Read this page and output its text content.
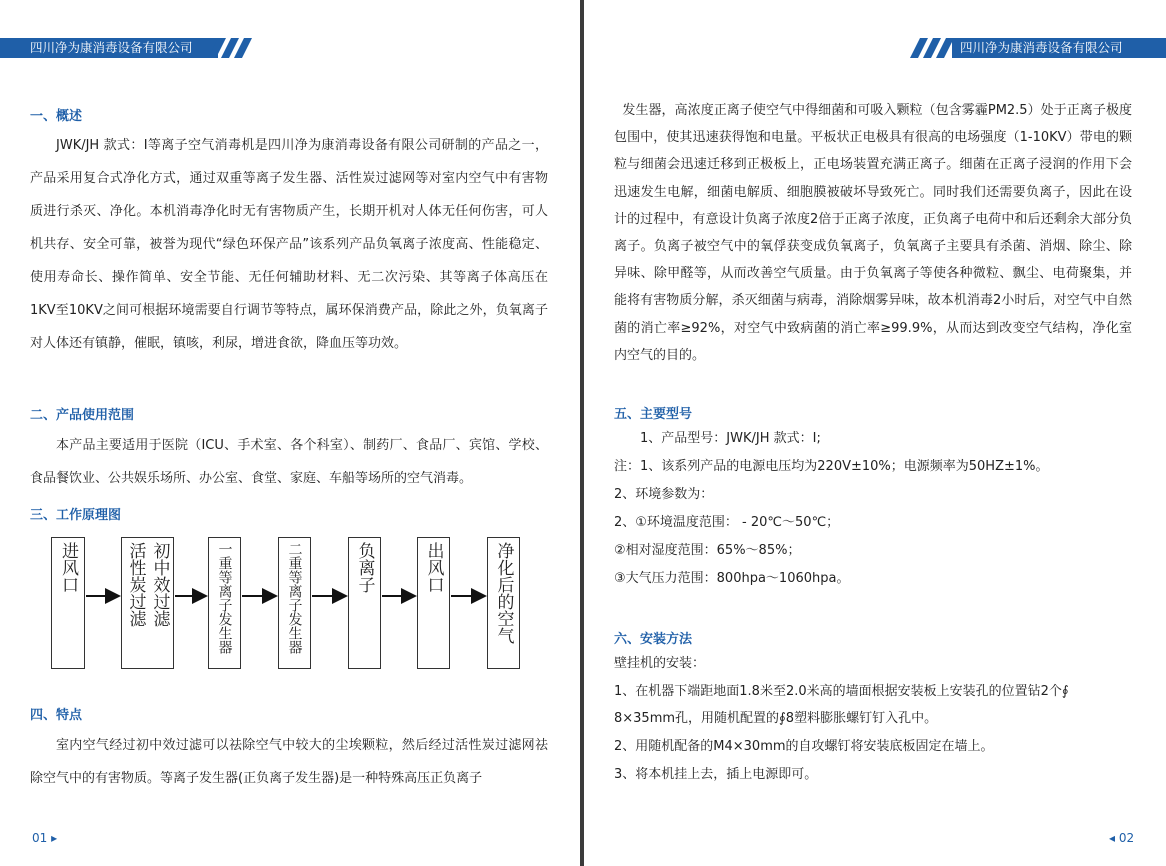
四川净为康消毒设备有限公司
一、概述
JWK/JH 款式：I等离子空气消毒机是四川净为康消毒设备有限公司研制的产品之一，产品采用复合式净化方式，通过双重等离子发生器、活性炭过滤网等对室内空气中有害物质进行杀灭、净化。本机消毒净化时无有害物质产生，长期开机对人体无任何伤害，可人机共存、安全可靠，被誉为现代“绿色环保产品”该系列产品负氧离子浓度高、性能稳定、使用寿命长、操作简单、安全节能、无任何辅助材料、无二次污染、其等离子体高压在1KV至10KV之间可根据环境需要自行调节等特点，属环保消费产品，除此之外，负氧离子对人体还有镇静，催眠，镇咳，利尿，增进食欲，降血压等功效。
二、产品使用范围
本产品主要适用于医院（ICU、手术室、各个科室）、制药厂、食品厂、宾馆、学校、食品餐饮业、公共娱乐场所、办公室、食堂、家庭、车船等场所的空气消毒。
三、工作原理图
进风口	活性炭过滤 初中效过滤	一重等离子发生器	二重等离子发生器	负离子	出风口	净化后的空气
四、特点
室内空气经过初中效过滤可以祛除空气中较大的尘埃颗粒，然后经过活性炭过滤网祛除空气中的有害物质。等离子发生器(正负离子发生器)是一种特殊高压正负离子
01 ▸
四川净为康消毒设备有限公司
发生器，高浓度正离子使空气中得细菌和可吸入颗粒（包含雾霾PM2.5）处于正离子极度包围中，使其迅速获得饱和电量。平板状正电极具有很高的电场强度（1-10KV）带电的颗粒与细菌会迅速迁移到正极板上，正电场装置充满正离子。细菌在正离子浸润的作用下会迅速发生电解，细菌电解质、细胞膜被破坏导致死亡。同时我们还需要负离子，因此在设计的过程中，有意设计负离子浓度2倍于正离子浓度，正负离子电荷中和后还剩余大部分负离子。负离子被空气中的氧俘获变成负氧离子，负氧离子主要具有杀菌、消烟、除尘、除异味、除甲醛等，从而改善空气质量。由于负氧离子等使各种微粒、飘尘、电荷聚集，并能将有害物质分解，杀灭细菌与病毒，消除烟雾异味，故本机消毒2小时后，对空气中自然菌的消亡率≥92%，对空气中致病菌的消亡率≥99.9%，从而达到改变空气结构，净化室内空气的目的。
五、主要型号
1、产品型号：JWK/JH 款式：I;
注：1、该系列产品的电源电压均为220V±10%；电源频率为50HZ±1%。
2、环境参数为：
2、①环境温度范围： - 20℃～50℃；
②相对湿度范围：65%～85%；
③大气压力范围：800hpa～1060hpa。
六、安装方法
壁挂机的安装：
1、在机器下端距地面1.8米至2.0米高的墙面根据安装板上安装孔的位置钻2个∮
8×35mm孔，用随机配置的∮8塑料膨胀螺钉钉入孔中。
2、用随机配备的M4×30mm的自攻螺钉将安装底板固定在墙上。
3、将本机挂上去，插上电源即可。
◂ 02
